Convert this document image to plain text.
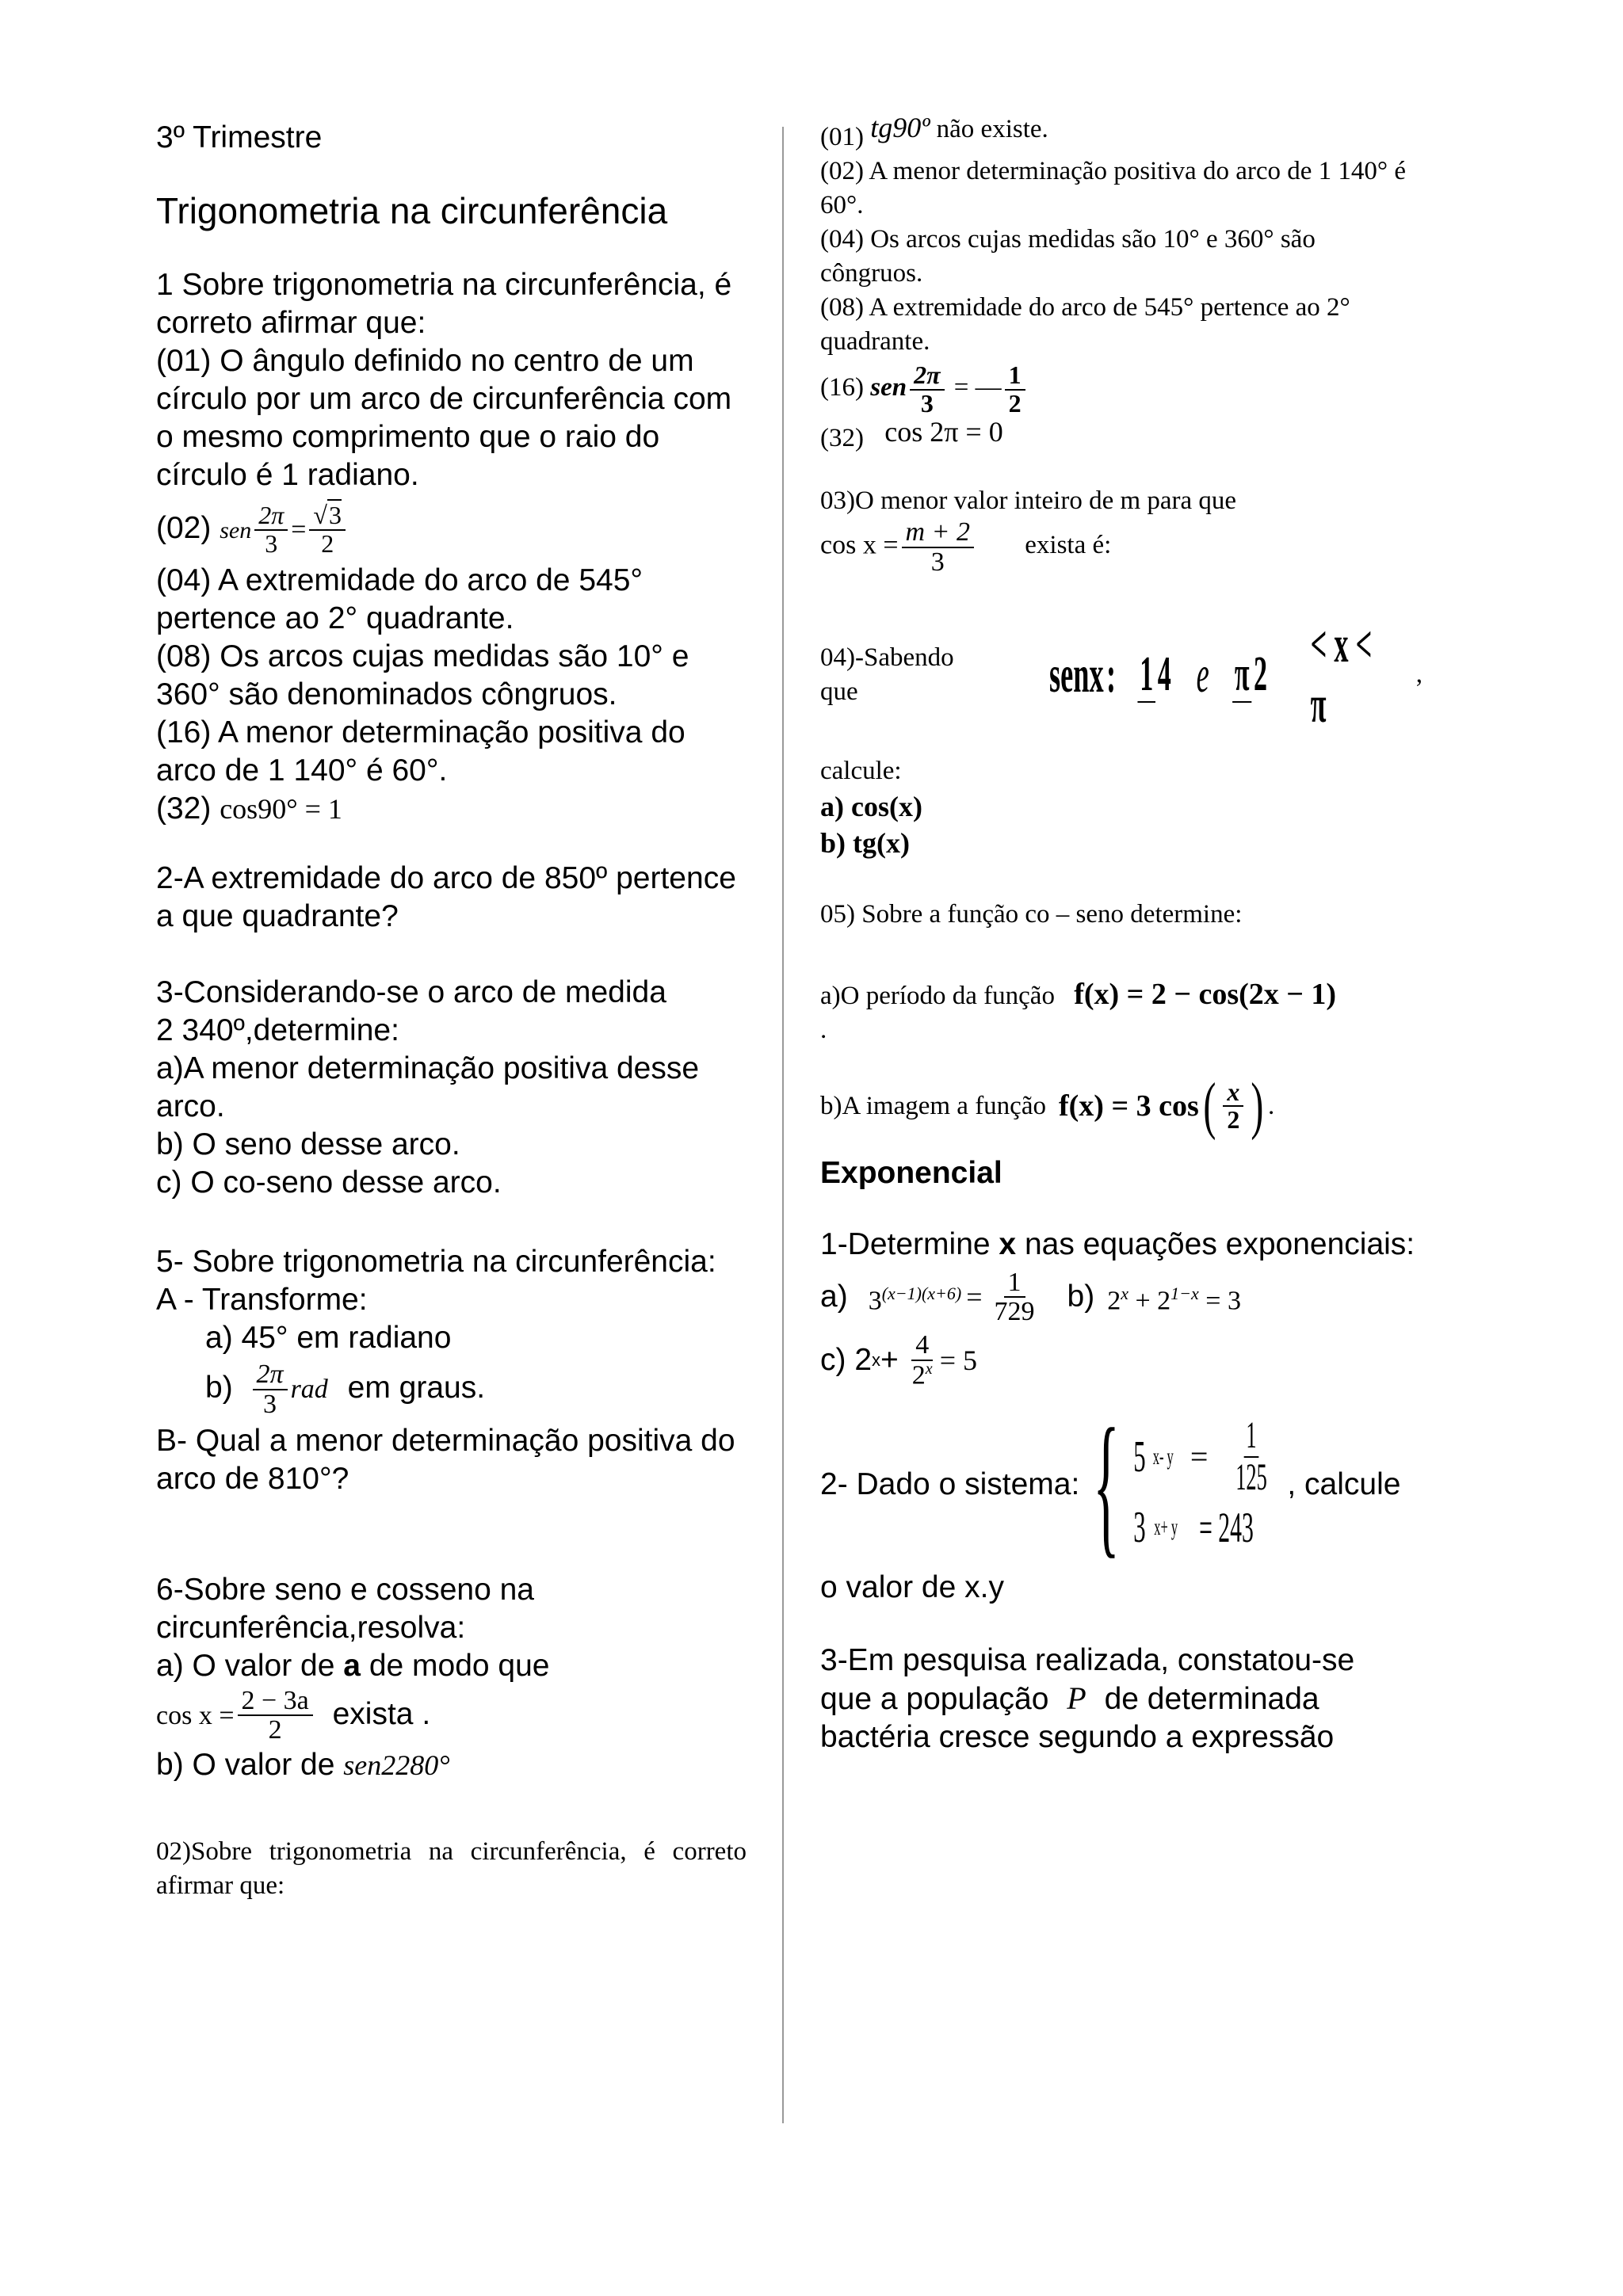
3º Trimestre

Trigonometria na circunferência

1 Sobre trigonometria na circunferência, é correto afirmar que:

(01) O ângulo definido no centro de um círculo por um arco de circunferência com o mesmo comprimento que o raio do círculo é 1 radiano.

(02) sen $\frac{2\pi}{3} = \frac{√3}{2}$

(04) A extremidade do arco de 545° pertence ao 2° quadrante.

(08) Os arcos cujas medidas são 10° e 360° são denominados côngruos.

(16) A menor determinação positiva do arco de 1 140° é 60°.

(32) cos90° = 1

2-A extremidade do arco de 850º pertence a que quadrante?

3-Considerando-se o arco de medida

2 340º,determine:

a)A menor determinação positiva desse arco.

b) O seno desse arco.

c) O co-seno desse arco.

5- Sobre trigonometria na circunferência:

A - Transforme:

a) 45° em radiano

$b) \frac{2\pi}{3}$ rad em graus.

B- Qual a menor determinação positiva do arco de 810°?

6-Sobre seno e cosseno na circunferência,resolva:

a) O valor de a de modo que

$\cos x = \frac{2 - 3a}{2}$ exista .

b) O valor de sen2280°

02)Sobre trigonometria na circunferência, é correto afirmar que:

(01) tg90º não existe.

(02) A menor determinação positiva do arco de 1 140° é 60°.

(04) Os arcos cujas medidas são 10° e 360° são côngruos.

(08) A extremidade do arco de 545° pertence ao 2° quadrante.

(16) sen $\frac{2\pi}{3}$ = — $\frac{1}{2}$

(32) cos 2π = 0

03)O menor valor inteiro de m para que

$\cos x = \frac{m + 2}{3}$ exista é:

04)-Sabendo que	senx : 14 e π2
< x < π
,

calcule:

a) cos(x)

b) tg(x)

05) Sobre a função co – seno determine:

a)O período da função f(x) = 2 − cos(2x − 1)

.

b)A imagem a função f(x) = 3 cos ( $\frac{x}{2}$ ) .

Exponencial

1-Determine x nas equações exponenciais:

a) $3^{(x-1)(x+6)} = \frac{1}{729} b$) $2^x + 2^{1-x} = 3$

c) 2 $x + \frac{4}{2^x} = 5$

2- Dado o sistema: { 5 x- $y = \frac{1}{125}$
3 x+ y = 243
, calcule

o valor de x.y

3-Em pesquisa realizada, constatou-se

que a população P de determinada

bactéria cresce segundo a expressão
